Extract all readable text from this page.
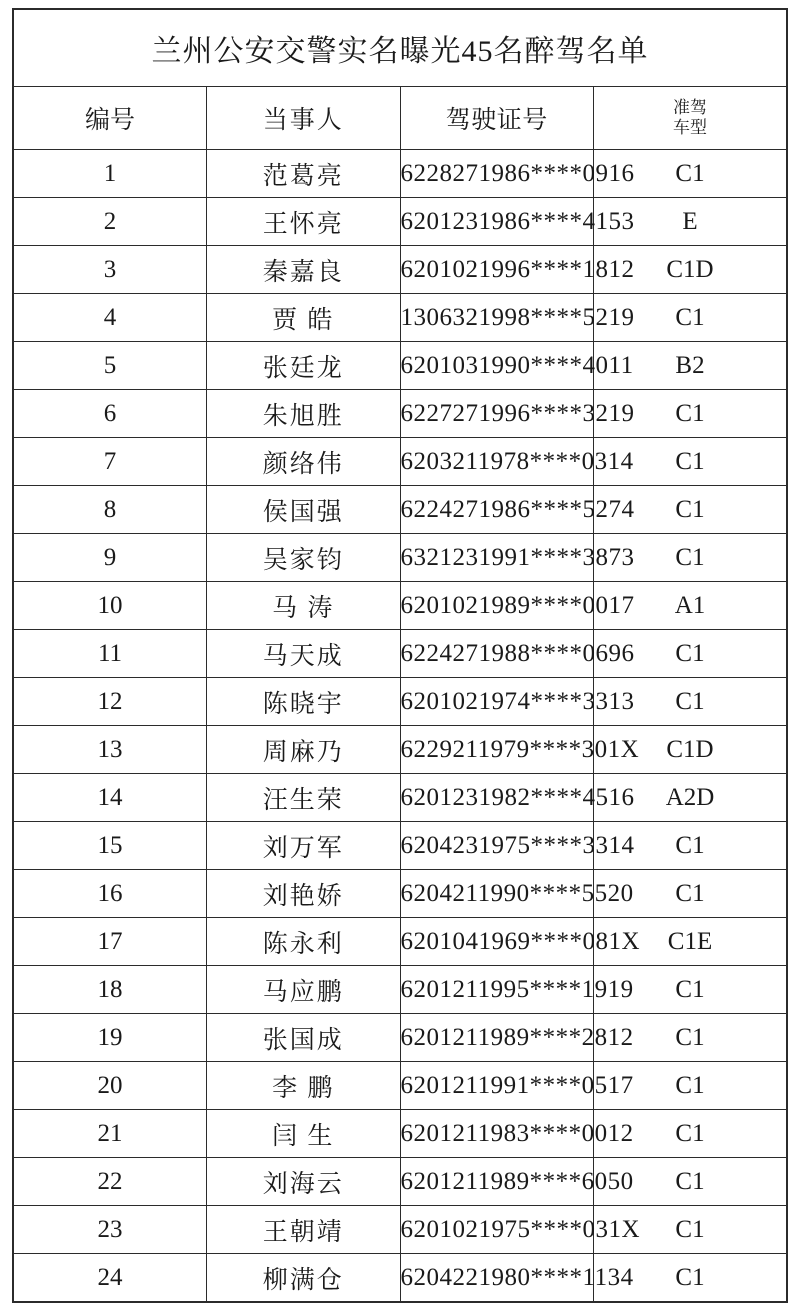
兰州公安交警实名曝光45名醉驾名单			
编号	当事人	驾驶证号	准驾
车型

1	范葛亮	6228271986****0916	C1
2	王怀亮	6201231986****4153	E
3	秦嘉良	6201021996****1812	C1D
4	贾 皓	1306321998****5219	C1
5	张廷龙	6201031990****4011	B2
6	朱旭胜	6227271996****3219	C1
7	颜络伟	6203211978****0314	C1
8	侯国强	6224271986****5274	C1
9	吴家钧	6321231991****3873	C1
10	马 涛	6201021989****0017	A1
11	马天成	6224271988****0696	C1
12	陈晓宇	6201021974****3313	C1
13	周麻乃	6229211979****301X	C1D
14	汪生荣	6201231982****4516	A2D
15	刘万军	6204231975****3314	C1
16	刘艳娇	6204211990****5520	C1
17	陈永利	6201041969****081X	C1E
18	马应鹏	6201211995****1919	C1
19	张国成	6201211989****2812	C1
20	李 鹏	6201211991****0517	C1
21	闫 生	6201211983****0012	C1
22	刘海云	6201211989****6050	C1
23	王朝靖	6201021975****031X	C1
24	柳满仓	6204221980****1134	C1
